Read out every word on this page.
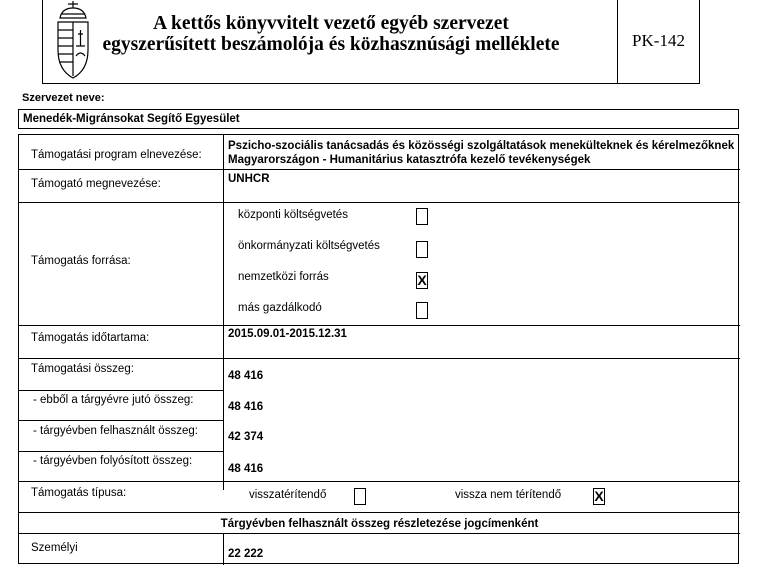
A kettős könyvvitelt vezető egyéb szervezet
egyszerűsített beszámolója és közhasznúsági melléklete	PK-142
Szervezet neve:
Menedék-Migránsokat Segítő Egyesület
Támogatási program elnevezése:
Pszicho-szociális tanácsadás és közösségi szolgáltatások menekülteknek és kérelmezőknek Magyarországon - Humanitárius katasztrófa kezelő tevékenységek
Támogató megnevezése:	UNHCR
Támogatás forrása:
központi költségvetés
önkormányzati költségvetés
nemzetközi forrás	X
más gazdálkodó
Támogatás időtartama:	2015.09.01-2015.12.31
Támogatási összeg:
48 416
- ebből a tárgyévre jutó összeg:
48 416
- tárgyévben felhasznált összeg:	42 374
- tárgyévben folyósított összeg:
48 416
Támogatás típusa:	visszatérítendő	vissza nem térítendő X
Tárgyévben felhasznált összeg részletezése jogcímenként
Személyi	22 222
